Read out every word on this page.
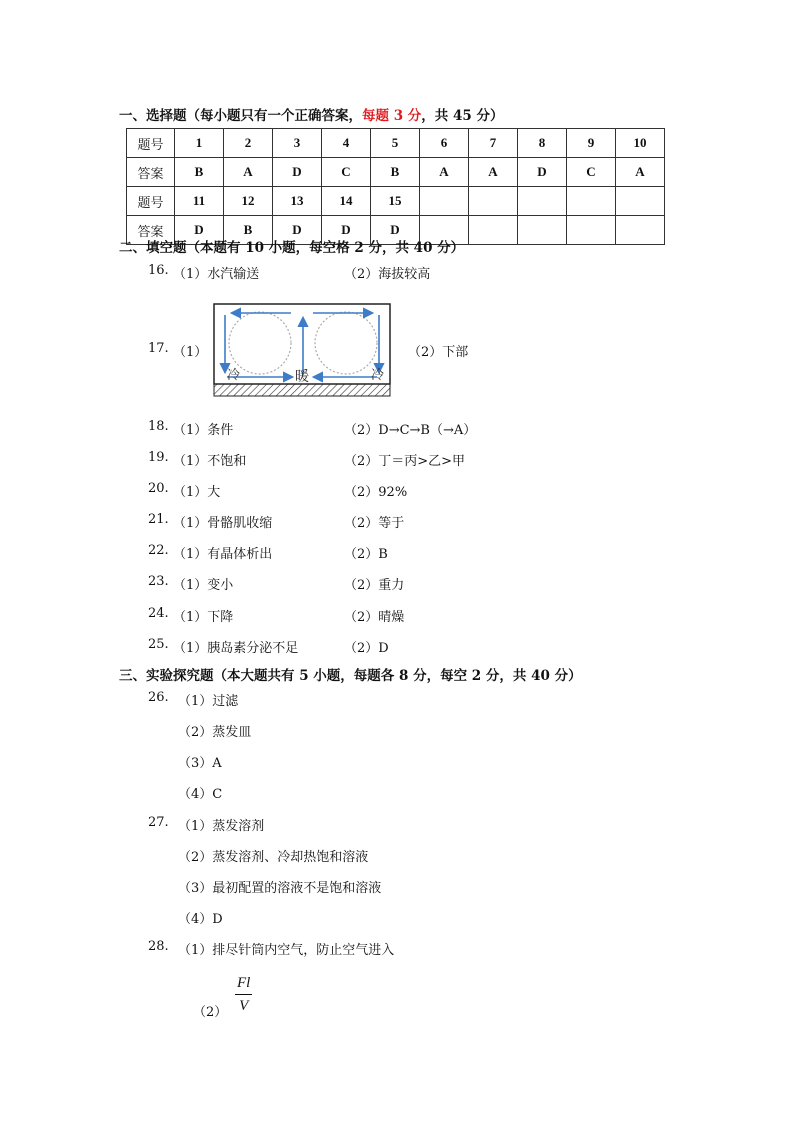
一、选择题（每小题只有一个正确答案，每题 3 分，共 45 分）
题号	1	2	3	4	5	6	7	8	9	10
答案	B	A	D	C	B	A	A	D	C	A
题号	11	12	13	14	15					
答案	D	B	D	D	D					
二、填空题（本题有 10 小题，每空格 2 分，共 40 分）
16. （1）水汽输送	（2）海拔较高
17. （1）	（2）下部
冷	暖	冷
18. （1）条件	（2）D→C→B（→A）
19. （1）不饱和	（2）丁＝丙>乙>甲
20. （1）大	（2）92%
21. （1）骨骼肌收缩	（2）等于
22. （1）有晶体析出	（2）B
23. （1）变小	（2）重力
24. （1）下降	（2）晴燥
25. （1）胰岛素分泌不足	（2）D
三、实验探究题（本大题共有 5 小题，每题各 8 分，每空 2 分，共 40 分）
26. （1）过滤
（2）蒸发皿
（3）A
（4）C
27. （1）蒸发溶剂
（2）蒸发溶剂、冷却热饱和溶液
（3）最初配置的溶液不是饱和溶液
（4）D
28. （1）排尽针筒内空气，防止空气进入
$(2) \frac{Fl}{V}$
